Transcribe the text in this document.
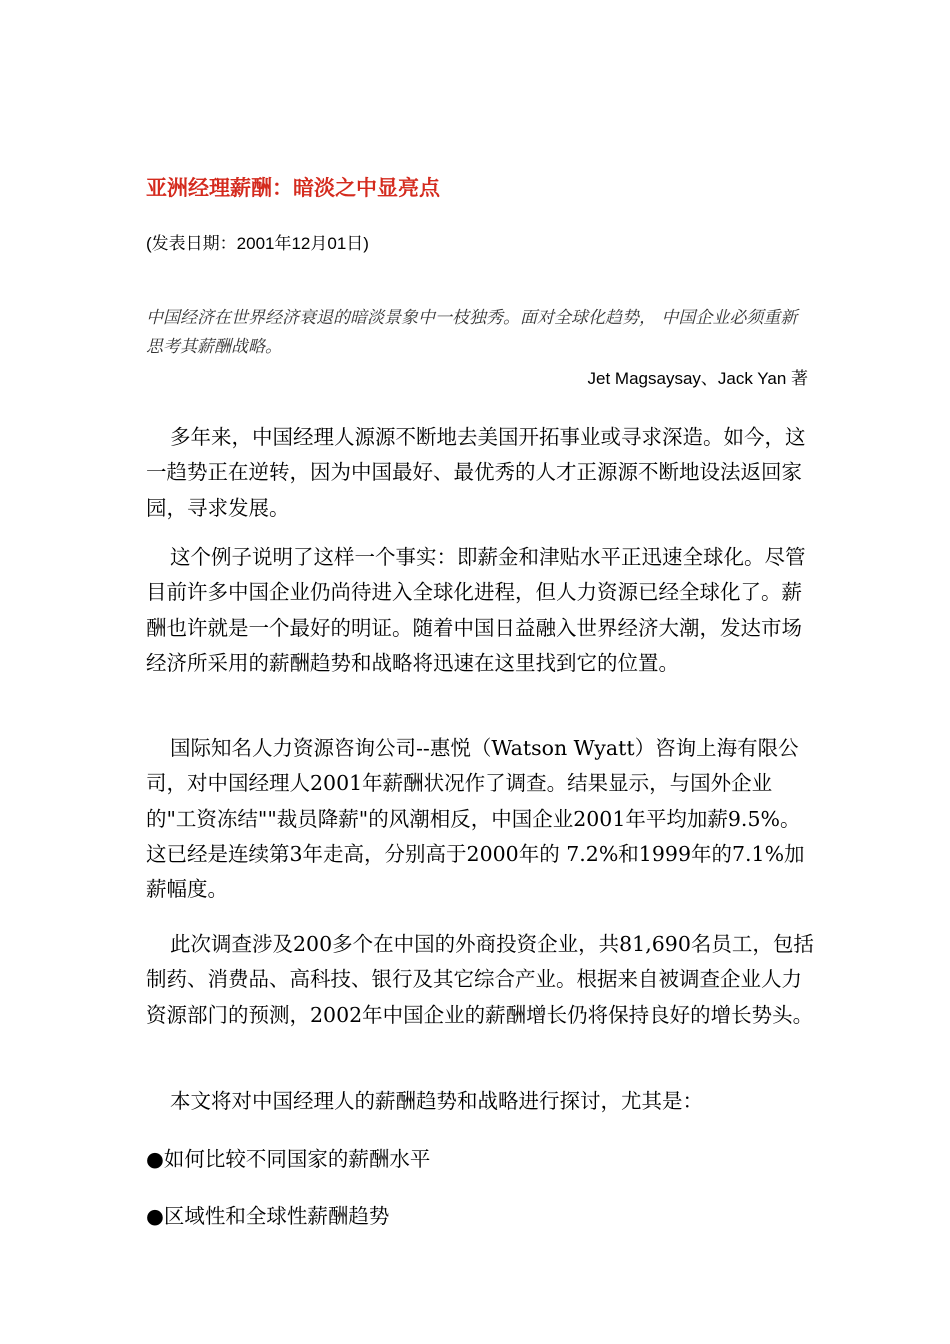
亚洲经理薪酬：暗淡之中显亮点
(发表日期：2001年12月01日)
中国经济在世界经济衰退的暗淡景象中一枝独秀。面对全球化趋势， 中国企业必须重新思考其薪酬战略。
Jet Magsaysay、Jack Yan 著

多年来，中国经理人源源不断地去美国开拓事业或寻求深造。如今，这一趋势正在逆转，因为中国最好、最优秀的人才正源源不断地设法返回家园，寻求发展。

这个例子说明了这样一个事实：即薪金和津贴水平正迅速全球化。尽管目前许多中国企业仍尚待进入全球化进程，但人力资源已经全球化了。薪酬也许就是一个最好的明证。随着中国日益融入世界经济大潮，发达市场经济所采用的薪酬趋势和战略将迅速在这里找到它的位置。

国际知名人力资源咨询公司--惠悦（Watson Wyatt）咨询上海有限公司，对中国经理人2001年薪酬状况作了调查。结果显示，与国外企业的"工资冻结""裁员降薪"的风潮相反，中国企业2001年平均加薪9.5%。这已经是连续第3年走高，分别高于2000年的 7.2%和1999年的7.1%加薪幅度。

此次调查涉及200多个在中国的外商投资企业，共81,690名员工，包括制药、消费品、高科技、银行及其它综合产业。根据来自被调查企业人力资源部门的预测，2002年中国企业的薪酬增长仍将保持良好的增长势头。

本文将对中国经理人的薪酬趋势和战略进行探讨，尤其是：

●如何比较不同国家的薪酬水平
●区域性和全球性薪酬趋势
